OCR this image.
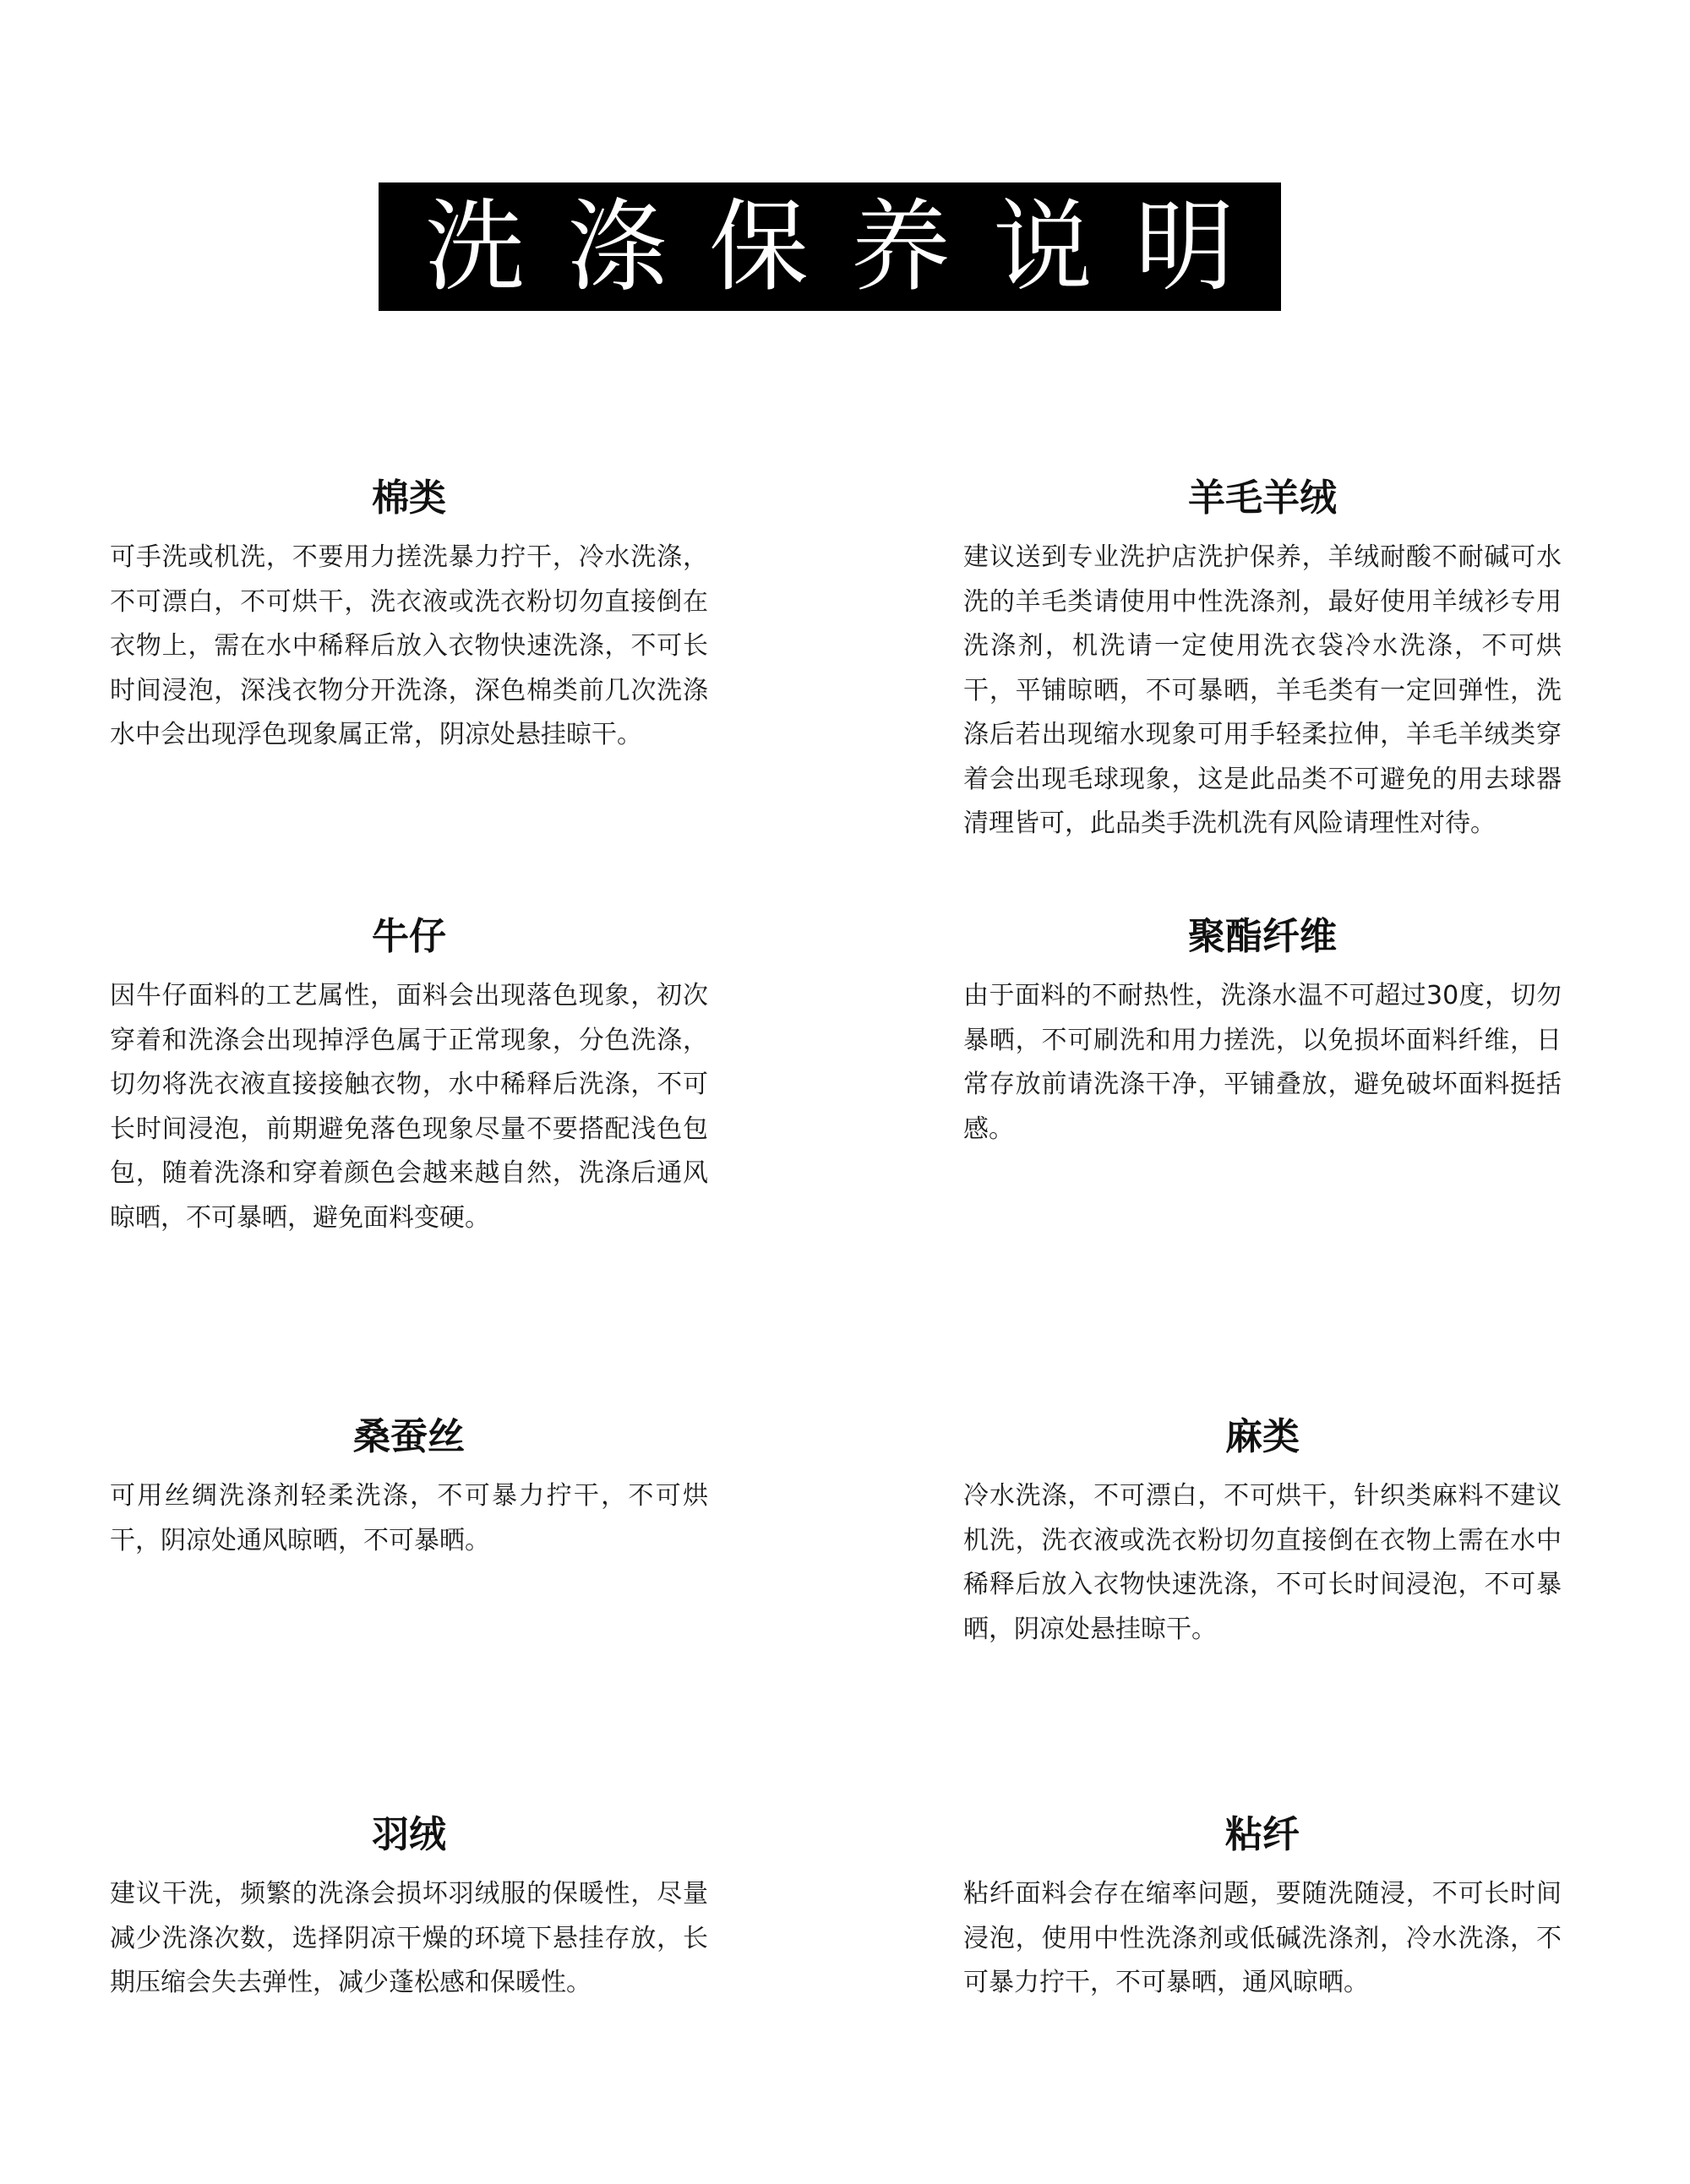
洗涤保养说明
棉类

可手洗或机洗，不要用力搓洗暴力拧干，冷水洗涤，不可漂白，不可烘干，洗衣液或洗衣粉切勿直接倒在衣物上，需在水中稀释后放入衣物快速洗涤，不可长时间浸泡，深浅衣物分开洗涤，深色棉类前几次洗涤水中会出现浮色现象属正常，阴凉处悬挂晾干。

羊毛羊绒

建议送到专业洗护店洗护保养，羊绒耐酸不耐碱可水洗的羊毛类请使用中性洗涤剂，最好使用羊绒衫专用洗涤剂，机洗请一定使用洗衣袋冷水洗涤，不可烘干，平铺晾晒，不可暴晒，羊毛类有一定回弹性，洗涤后若出现缩水现象可用手轻柔拉伸，羊毛羊绒类穿着会出现毛球现象，这是此品类不可避免的用去球器清理皆可，此品类手洗机洗有风险请理性对待。

牛仔

因牛仔面料的工艺属性，面料会出现落色现象，初次穿着和洗涤会出现掉浮色属于正常现象，分色洗涤，切勿将洗衣液直接接触衣物，水中稀释后洗涤，不可长时间浸泡，前期避免落色现象尽量不要搭配浅色包包，随着洗涤和穿着颜色会越来越自然，洗涤后通风晾晒，不可暴晒，避免面料变硬。

聚酯纤维

由于面料的不耐热性，洗涤水温不可超过30度，切勿暴晒，不可刷洗和用力搓洗，以免损坏面料纤维，日常存放前请洗涤干净，平铺叠放，避免破坏面料挺括感。

桑蚕丝

可用丝绸洗涤剂轻柔洗涤，不可暴力拧干，不可烘干，阴凉处通风晾晒，不可暴晒。

麻类

冷水洗涤，不可漂白，不可烘干，针织类麻料不建议机洗，洗衣液或洗衣粉切勿直接倒在衣物上需在水中稀释后放入衣物快速洗涤，不可长时间浸泡，不可暴晒，阴凉处悬挂晾干。

羽绒

建议干洗，频繁的洗涤会损坏羽绒服的保暖性，尽量减少洗涤次数，选择阴凉干燥的环境下悬挂存放，长期压缩会失去弹性，减少蓬松感和保暖性。

粘纤

粘纤面料会存在缩率问题，要随洗随浸，不可长时间浸泡，使用中性洗涤剂或低碱洗涤剂，冷水洗涤，不可暴力拧干，不可暴晒，通风晾晒。
